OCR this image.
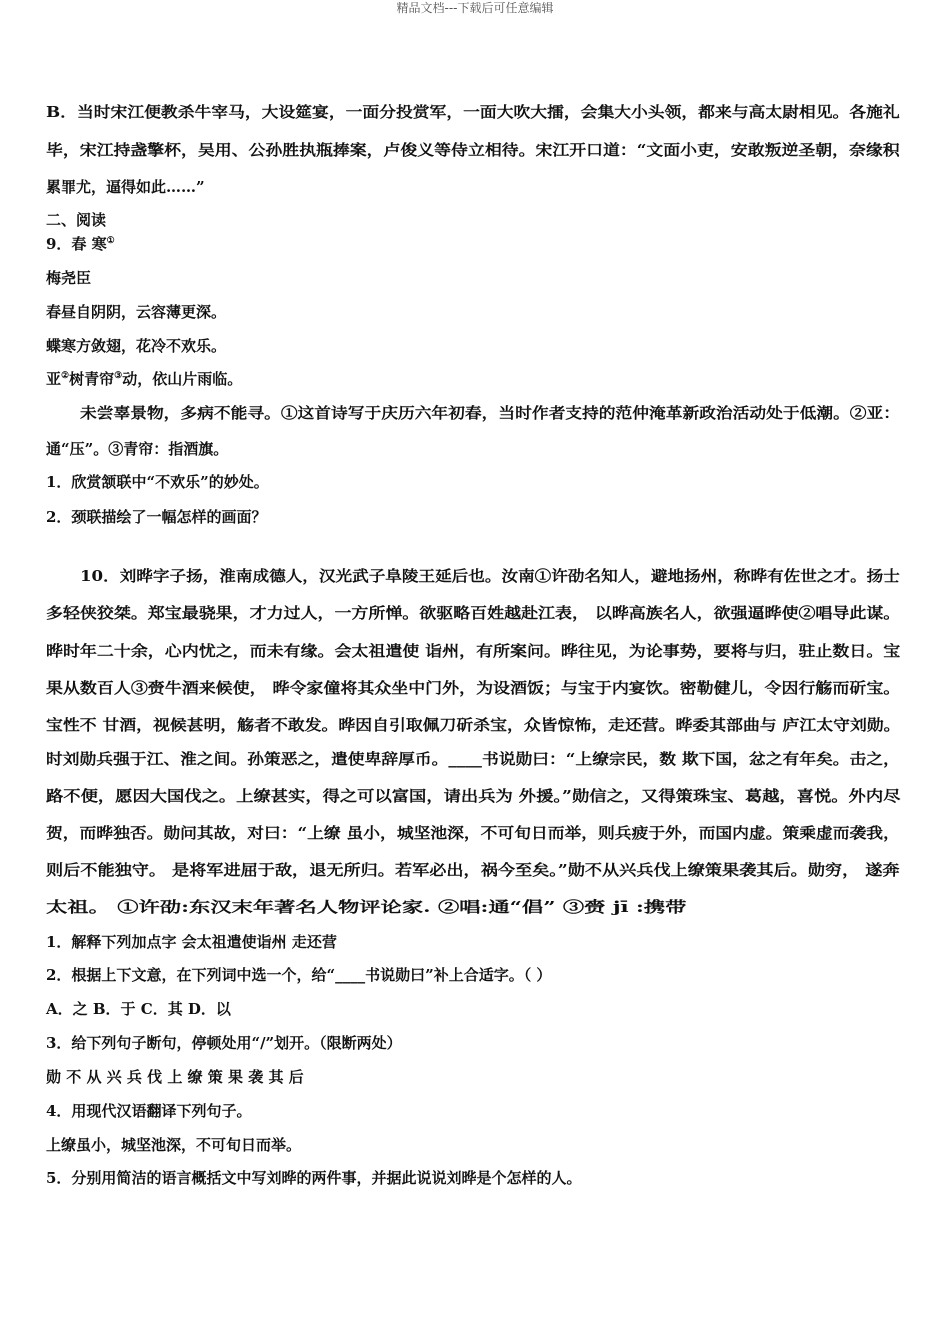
精品文档---下载后可任意编辑
B．当时宋江便教杀牛宰马，大设筵宴，一面分投赏军，一面大吹大擂，会集大小头领，都来与高太尉相见。各施礼
毕，宋江持盏擎杯，吴用、公孙胜执瓶捧案，卢俊义等侍立相待。宋江开口道：“文面小吏，安敢叛逆圣朝，奈缘积
累罪尤，逼得如此……”
二、阅读
9．春 寒①
梅尧臣
春昼自阴阴，云容薄更深。
蝶寒方敛翅，花冷不欢乐。
亚②树青帘③动，依山片雨临。
未尝辜景物，多病不能寻。①这首诗写于庆历六年初春，当时作者支持的范仲淹革新政治活动处于低潮。②亚：
通“压”。③青帘：指酒旗。
1．欣赏颔联中“不欢乐”的妙处。
2．颈联描绘了一幅怎样的画面？
10．刘晔字子扬，淮南成德人，汉光武子阜陵王延后也。汝南①许劭名知人，避地扬州，称晔有佐世之才。扬士
多轻侠狡桀。郑宝最骁果，才力过人，一方所惮。欲驱略百姓越赴江表， 以晔高族名人，欲强逼晔使②唱导此谋。
晔时年二十余，心内忧之，而未有缘。会太祖遣使 诣州，有所案问。晔往见，为论事势，要将与归，驻止数日。宝
果从数百人③赍牛酒来候使， 晔令家僮将其众坐中门外，为设酒饭；与宝于内宴饮。密勒健儿，令因行觞而斫宝。
宝性不 甘酒，视候甚明，觞者不敢发。晔因自引取佩刀斫杀宝，众皆惊怖，走还营。晔委其部曲与 庐江太守刘勋。
时刘勋兵强于江、淮之间。孙策恶之，遣使卑辞厚币。____书说勋曰：“上缭宗民，数 欺下国，忿之有年矣。击之，
路不便，愿因大国伐之。上缭甚实，得之可以富国，请出兵为 外援。”勋信之，又得策珠宝、葛越，喜悦。外内尽
贺，而晔独否。勋问其故，对曰：“上缭 虽小，城坚池深，不可旬日而举，则兵疲于外，而国内虚。策乘虚而袭我，
则后不能独守。 是将军进屈于敌，退无所归。若军必出，祸今至矣。”勋不从兴兵伐上缭策果袭其后。勋穷， 遂奔
太祖。 ①许劭:东汉末年著名人物评论家. ②唱:通“倡” ③赍 jī :携带
1．解释下列加点字 会太祖遣使诣州 走还营
2．根据上下文意，在下列词中选一个，给“____书说勋曰”补上合适字。（ ）
A．之 B．于 C．其 D．以
3．给下列句子断句，停顿处用“/”划开。（限断两处）
勋 不 从 兴 兵 伐 上 缭 策 果 袭 其 后
4．用现代汉语翻译下列句子。
上缭虽小，城坚池深，不可旬日而举。
5．分别用简洁的语言概括文中写刘晔的两件事，并据此说说刘晔是个怎样的人。
